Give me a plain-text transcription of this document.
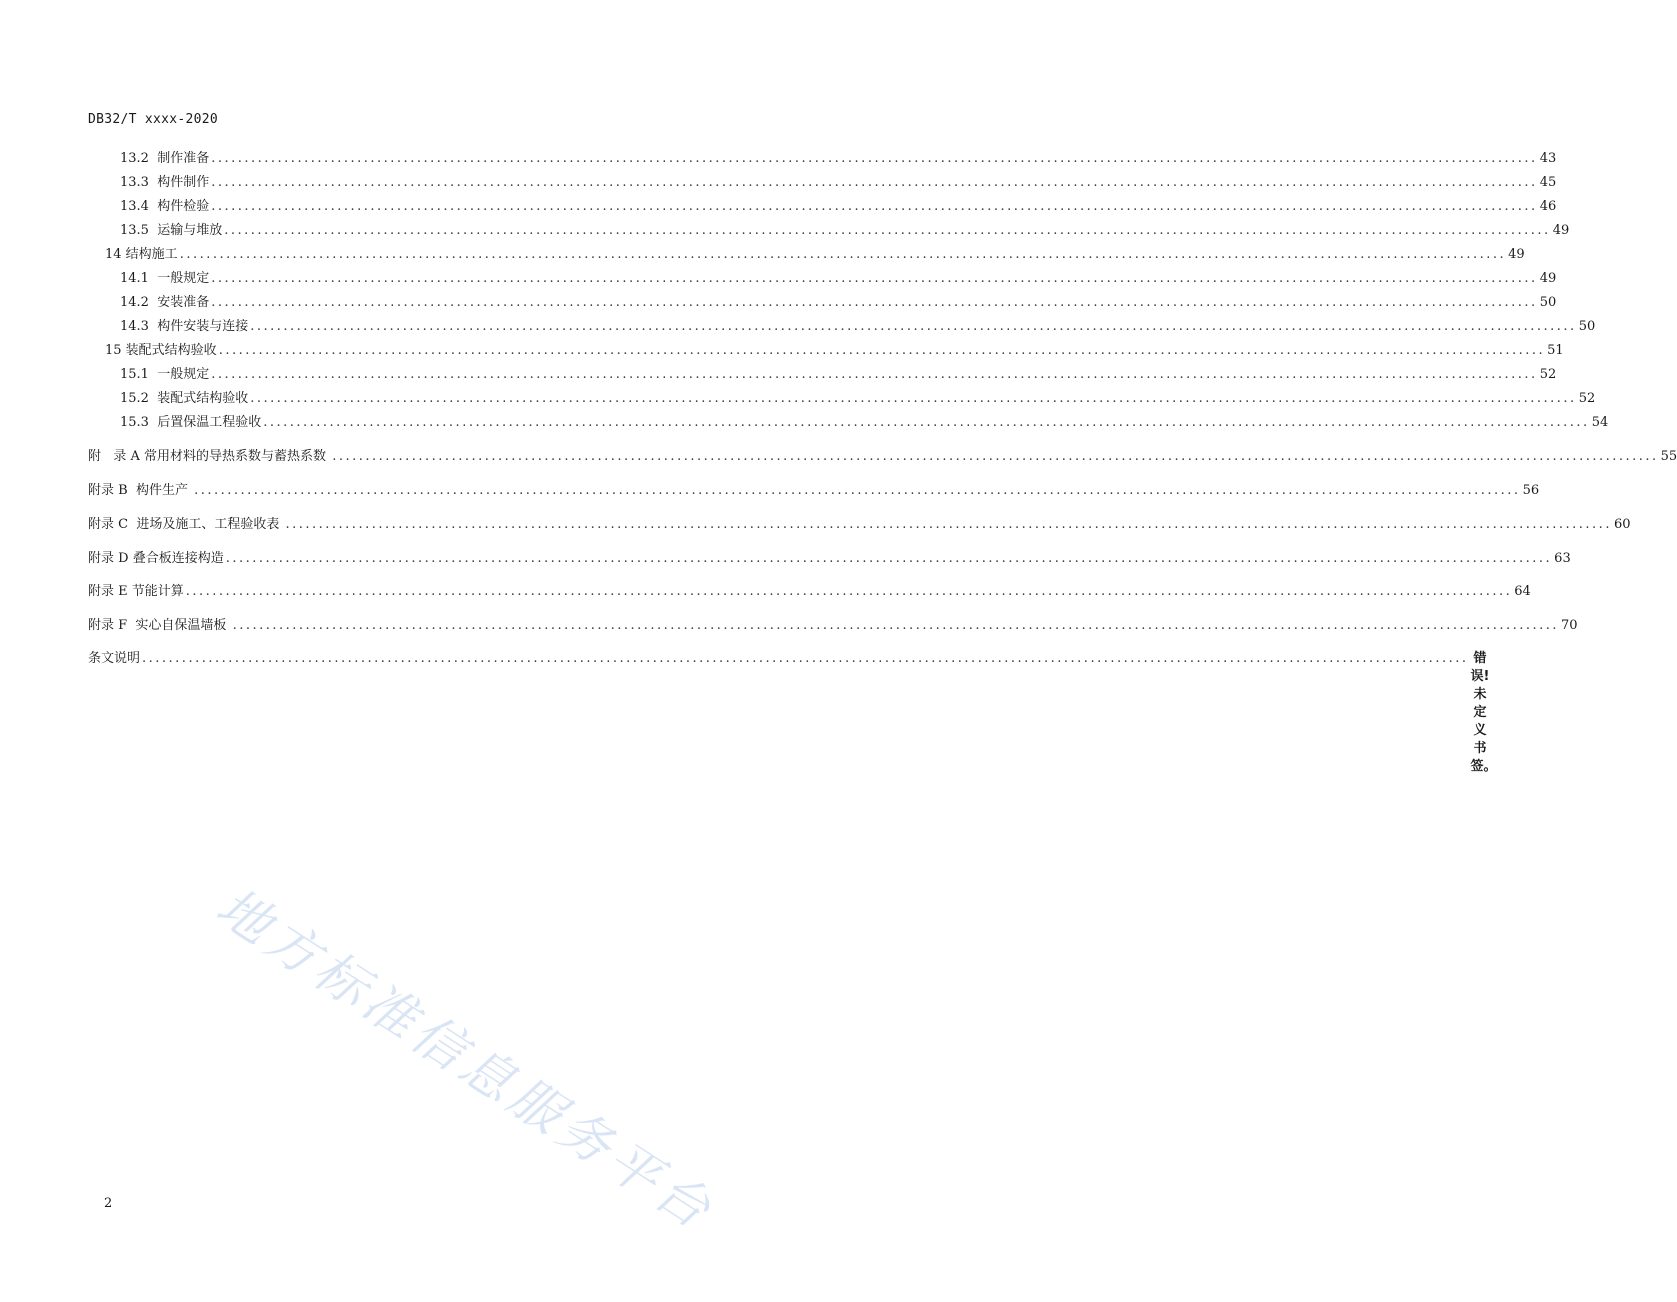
DB32/T xxxx-2020
13.2  制作准备 ........................................................................................................................................................................................................ 43
13.3  构件制作 ........................................................................................................................................................................................................ 45
13.4  构件检验 ........................................................................................................................................................................................................ 46
13.5  运输与堆放 ........................................................................................................................................................................................................ 49
14 结构施工 ........................................................................................................................................................................................................ 49
14.1  一般规定 ........................................................................................................................................................................................................ 49
14.2  安装准备 ........................................................................................................................................................................................................ 50
14.3  构件安装与连接 ........................................................................................................................................................................................................ 50
15 装配式结构验收 ........................................................................................................................................................................................................ 51
15.1  一般规定 ........................................................................................................................................................................................................ 52
15.2  装配式结构验收 ........................................................................................................................................................................................................ 52
15.3  后置保温工程验收 ........................................................................................................................................................................................................ 54
附   录 A 常用材料的导热系数与蓄热系数 ........................................................................................................................................................................................................ 55
附录 B  构件生产 ........................................................................................................................................................................................................ 56
附录 C  进场及施工、工程验收表 ........................................................................................................................................................................................................ 60
附录 D 叠合板连接构造 ........................................................................................................................................................................................................ 63
附录 E 节能计算 ........................................................................................................................................................................................................ 64
附录 F  实心自保温墙板 ........................................................................................................................................................................................................ 70
条文说明 ........................................................................................................................................................................................................ 错误!未定义书签。
2 地方标准信息服务平台
